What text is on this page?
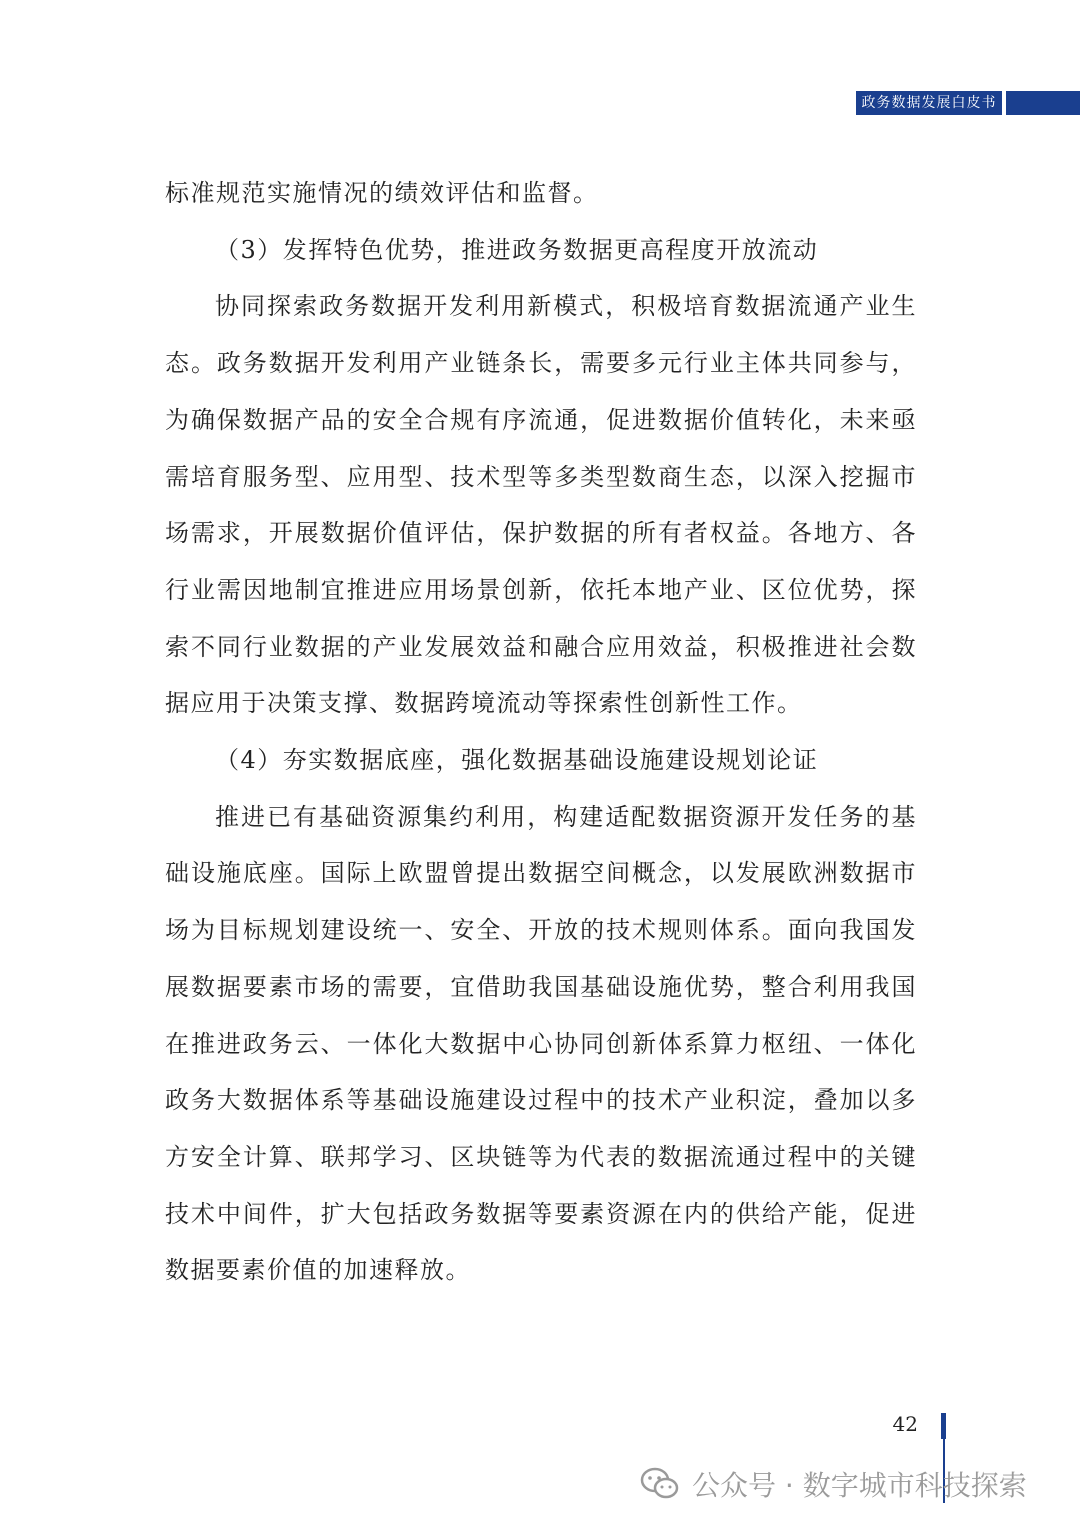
政务数据发展白皮书

标准规范实施情况的绩效评估和监督。

（3）发挥特色优势，推进政务数据更高程度开放流动

协同探索政务数据开发利用新模式，积极培育数据流通产业生态。政务数据开发利用产业链条长，需要多元行业主体共同参与，为确保数据产品的安全合规有序流通，促进数据价值转化，未来亟需培育服务型、应用型、技术型等多类型数商生态，以深入挖掘市场需求，开展数据价值评估，保护数据的所有者权益。各地方、各行业需因地制宜推进应用场景创新，依托本地产业、区位优势，探索不同行业数据的产业发展效益和融合应用效益，积极推进社会数据应用于决策支撑、数据跨境流动等探索性创新性工作。

（4）夯实数据底座，强化数据基础设施建设规划论证

推进已有基础资源集约利用，构建适配数据资源开发任务的基础设施底座。国际上欧盟曾提出数据空间概念，以发展欧洲数据市场为目标规划建设统一、安全、开放的技术规则体系。面向我国发展数据要素市场的需要，宜借助我国基础设施优势，整合利用我国在推进政务云、一体化大数据中心协同创新体系算力枢纽、一体化政务大数据体系等基础设施建设过程中的技术产业积淀，叠加以多方安全计算、联邦学习、区块链等为代表的数据流通过程中的关键技术中间件，扩大包括政务数据等要素资源在内的供给产能，促进数据要素价值的加速释放。

42
公众号 · 数字城市科技探索
